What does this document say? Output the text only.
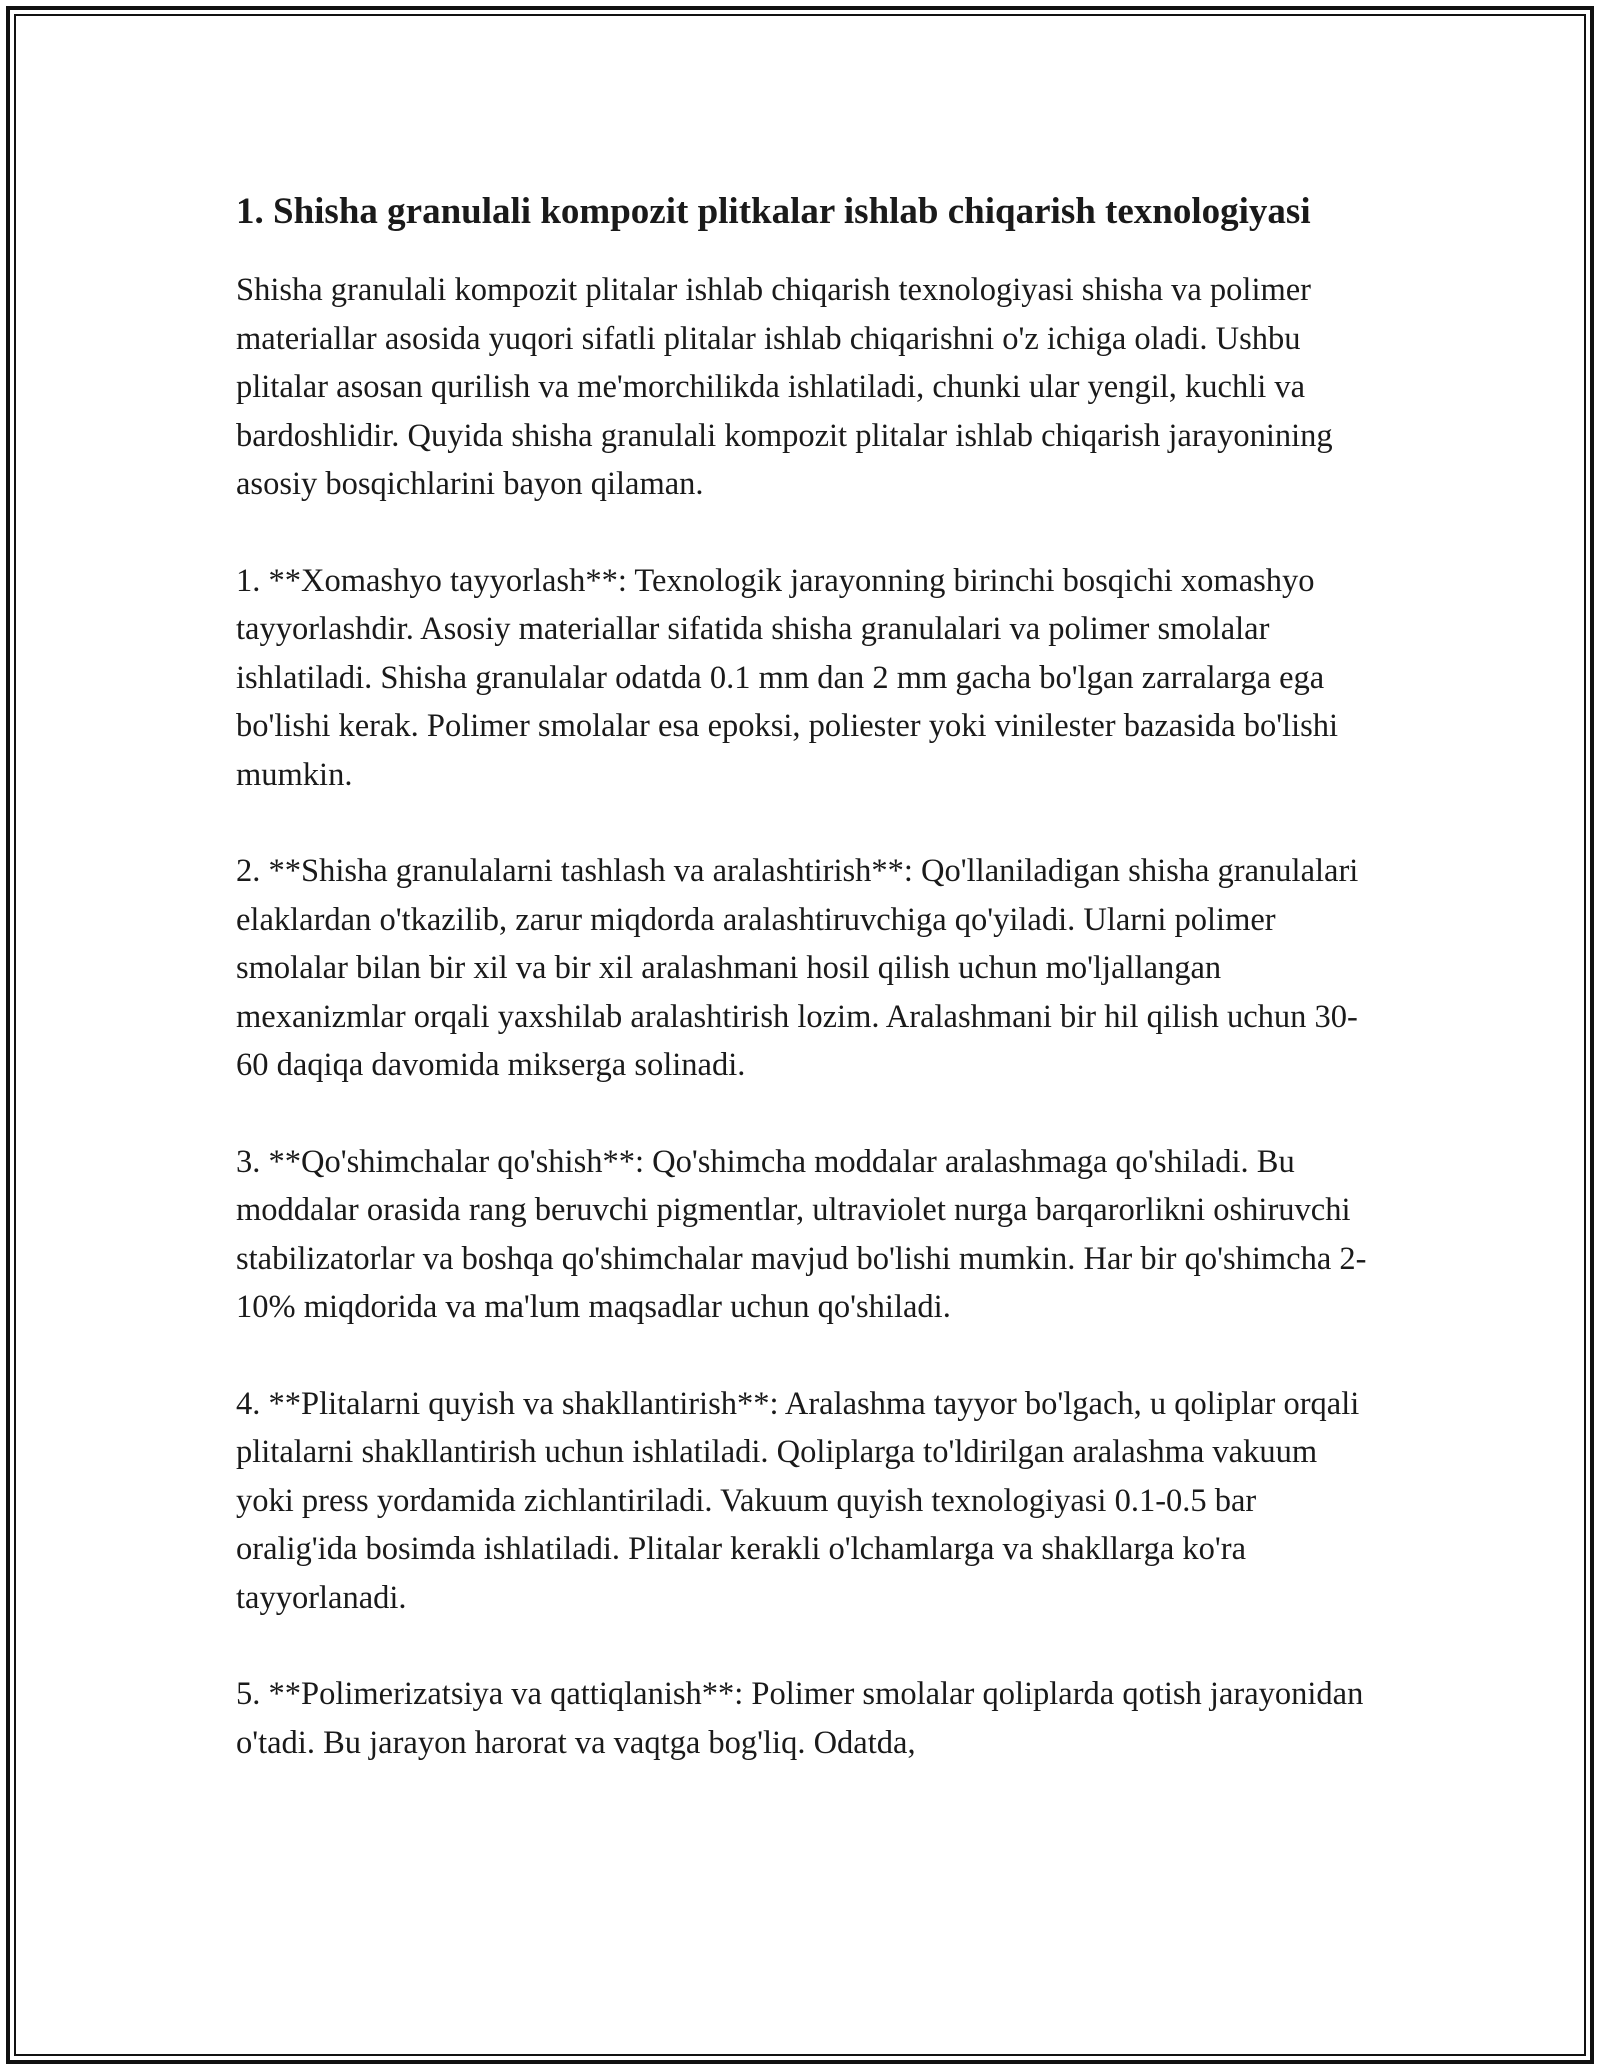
1. Shisha granulali kompozit plitkalar ishlab chiqarish texnologiyasi

Shisha granulali kompozit plitalar ishlab chiqarish texnologiyasi shisha va polimer materiallar asosida yuqori sifatli plitalar ishlab chiqarishni o'z ichiga oladi. Ushbu plitalar asosan qurilish va me'morchilikda ishlatiladi, chunki ular yengil, kuchli va bardoshlidir. Quyida shisha granulali kompozit plitalar ishlab chiqarish jarayonining asosiy bosqichlarini bayon qilaman.

1. **Xomashyo tayyorlash**: Texnologik jarayonning birinchi bosqichi xomashyo tayyorlashdir. Asosiy materiallar sifatida shisha granulalari va polimer smolalar ishlatiladi. Shisha granulalar odatda 0.1 mm dan 2 mm gacha bo'lgan zarralarga ega bo'lishi kerak. Polimer smolalar esa epoksi, poliester yoki vinilester bazasida bo'lishi mumkin.

2. **Shisha granulalarni tashlash va aralashtirish**: Qo'llaniladigan shisha granulalari elaklardan o'tkazilib, zarur miqdorda aralashtiruvchiga qo'yiladi. Ularni polimer smolalar bilan bir xil va bir xil aralashmani hosil qilish uchun mo'ljallangan mexanizmlar orqali yaxshilab aralashtirish lozim. Aralashmani bir hil qilish uchun 30-60 daqiqa davomida mikserga solinadi.

3. **Qo'shimchalar qo'shish**: Qo'shimcha moddalar aralashmaga qo'shiladi. Bu moddalar orasida rang beruvchi pigmentlar, ultraviolet nurga barqarorlikni oshiruvchi stabilizatorlar va boshqa qo'shimchalar mavjud bo'lishi mumkin. Har bir qo'shimcha 2-10% miqdorida va ma'lum maqsadlar uchun qo'shiladi.

4. **Plitalarni quyish va shakllantirish**: Aralashma tayyor bo'lgach, u qoliplar orqali plitalarni shakllantirish uchun ishlatiladi. Qoliplarga to'ldirilgan aralashma vakuum yoki press yordamida zichlantiriladi. Vakuum quyish texnologiyasi 0.1-0.5 bar oralig'ida bosimda ishlatiladi. Plitalar kerakli o'lchamlarga va shakllarga ko'ra tayyorlanadi.

5. **Polimerizatsiya va qattiqlanish**: Polimer smolalar qoliplarda qotish jarayonidan o'tadi. Bu jarayon harorat va vaqtga bog'liq. Odatda,
